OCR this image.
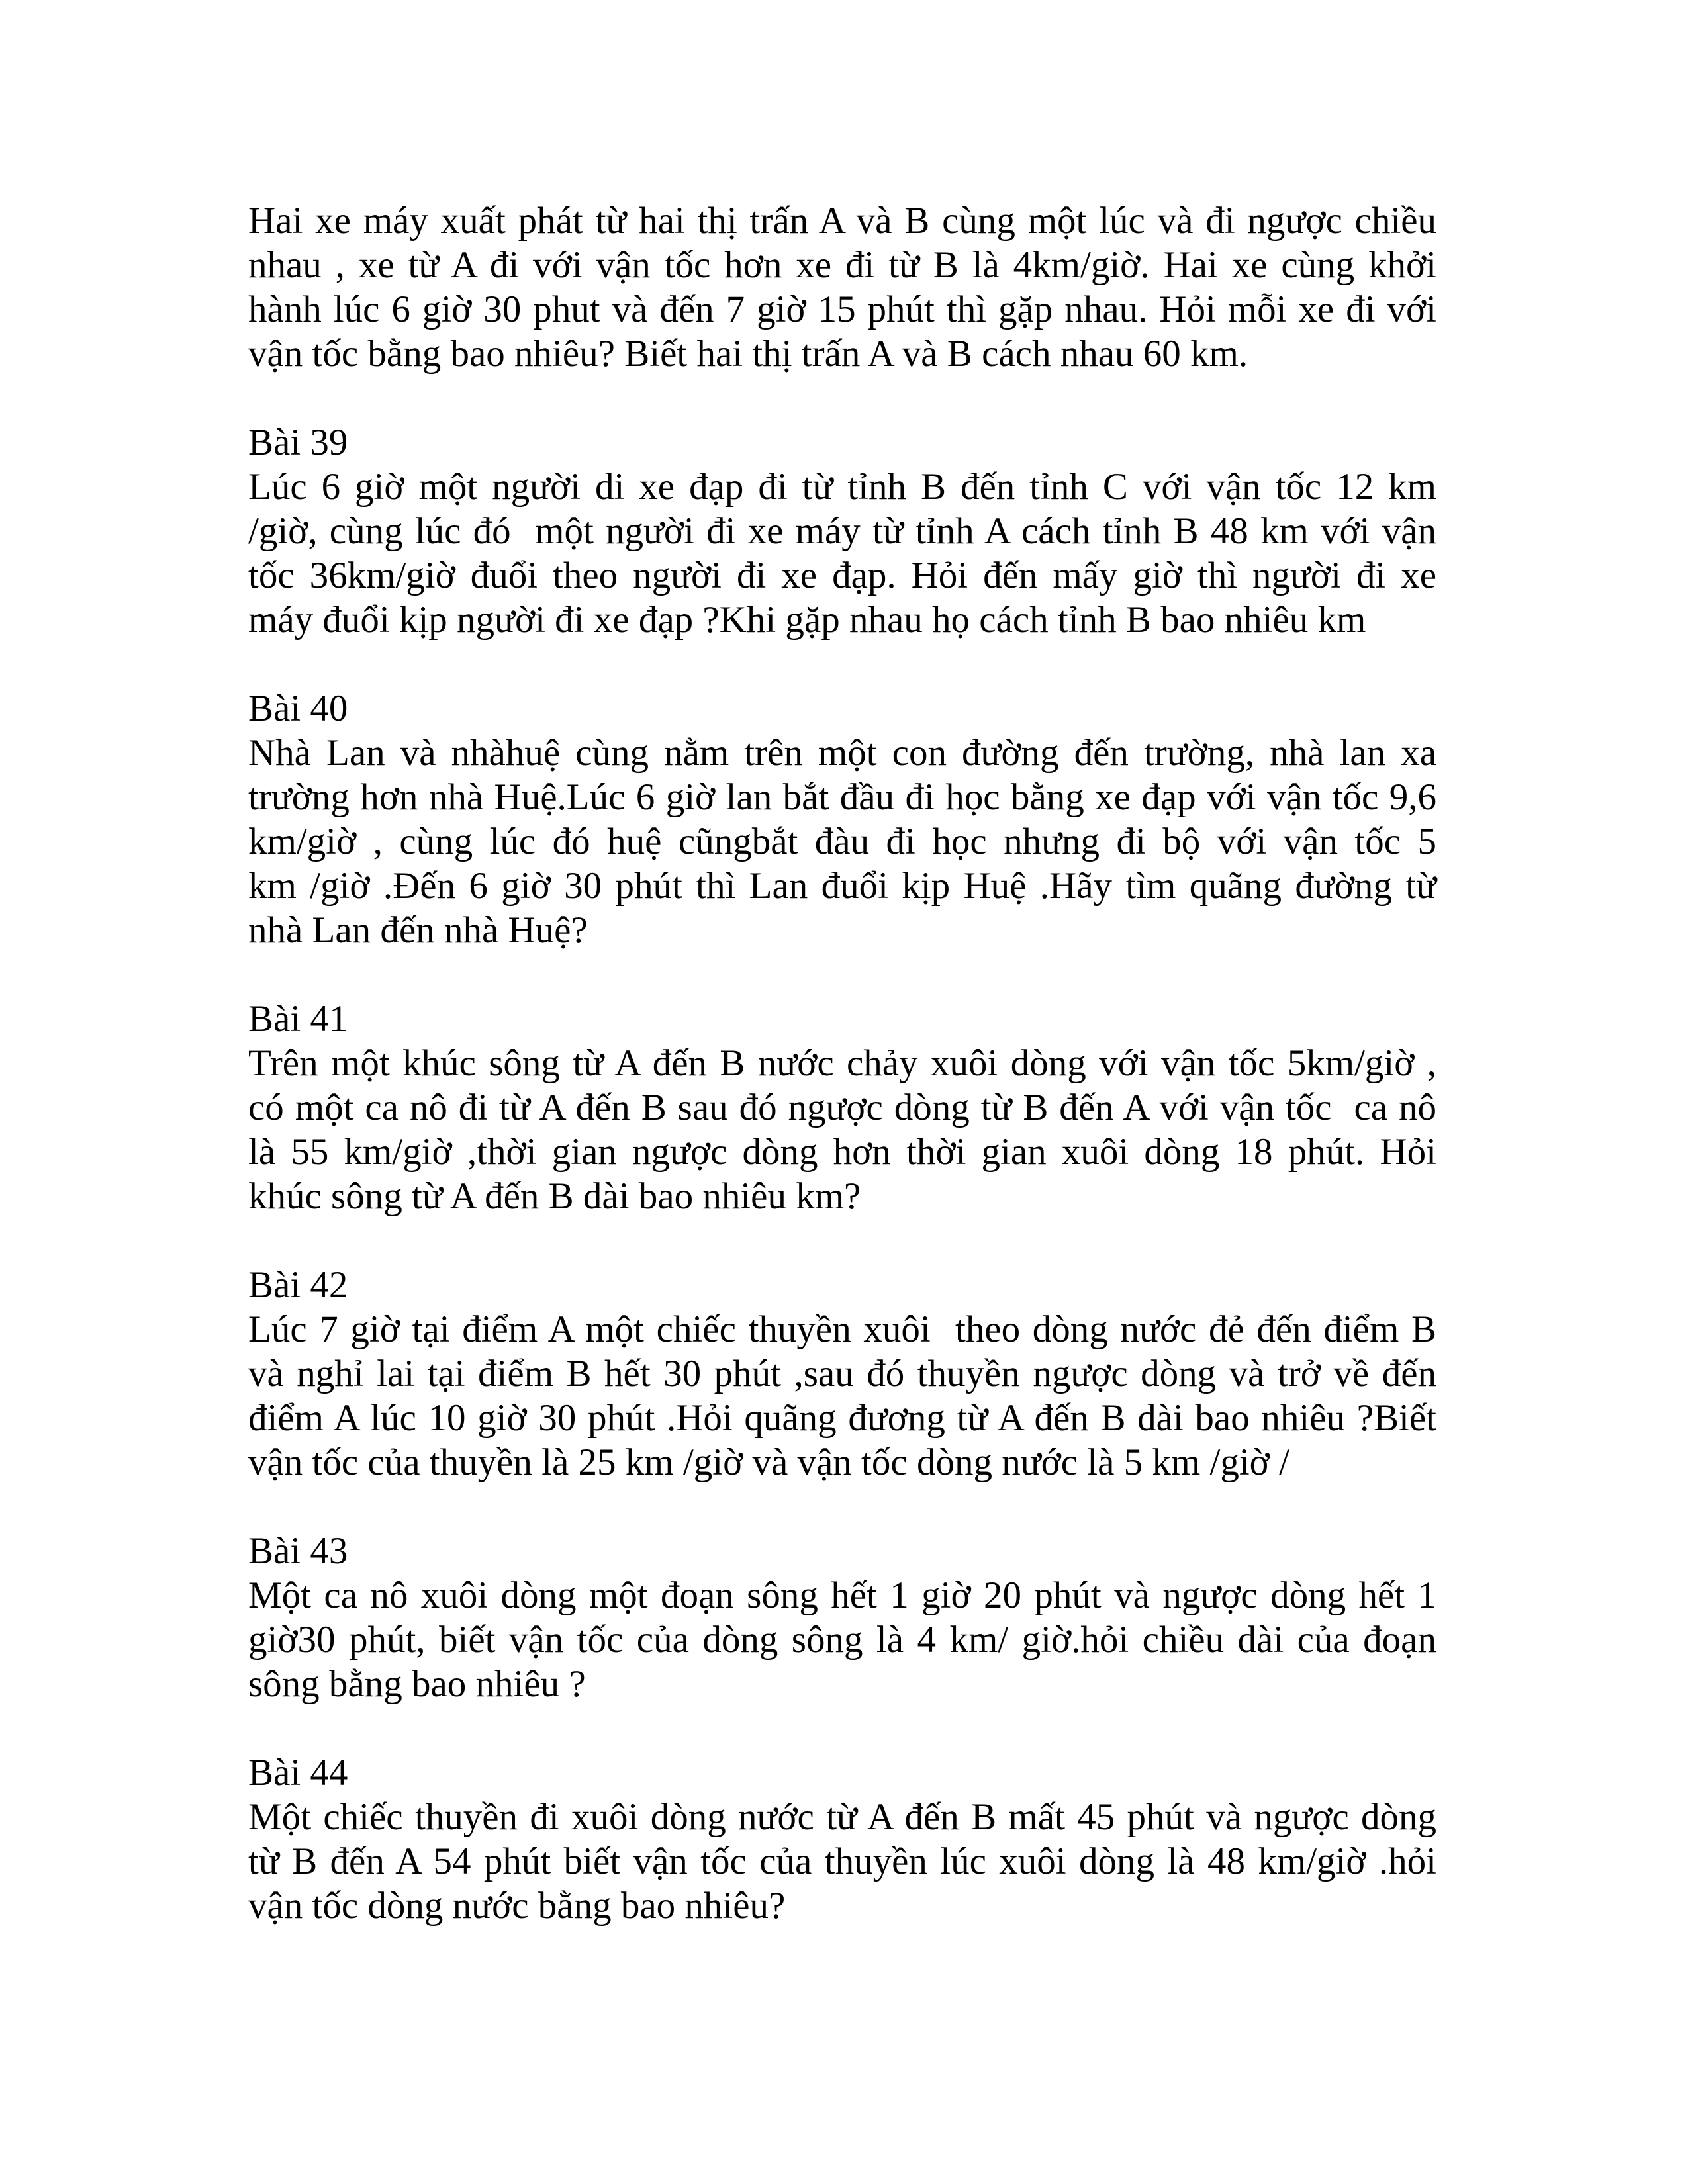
Hai xe máy xuất phát từ hai thị trấn A và B cùng một lúc và đi ngược chiều
nhau , xe từ A đi với vận tốc hơn xe đi từ B là 4km/giờ. Hai xe cùng khởi
hành lúc 6 giờ 30 phut và đến 7 giờ 15 phút thì gặp nhau. Hỏi mỗi xe đi với
vận tốc bằng bao nhiêu? Biết hai thị trấn A và B cách nhau 60 km.
Bài 39
Lúc 6 giờ một người di xe đạp đi từ tỉnh B đến tỉnh C với vận tốc 12 km
/giờ, cùng lúc đó  một người đi xe máy từ tỉnh A cách tỉnh B 48 km với vận
tốc 36km/giờ đuổi theo người đi xe đạp. Hỏi đến mấy giờ thì người đi xe
máy đuổi kịp người đi xe đạp ?Khi gặp nhau họ cách tỉnh B bao nhiêu km
Bài 40
Nhà Lan và nhàhuệ cùng nằm trên một con đường đến trường, nhà lan xa
trường hơn nhà Huệ.Lúc 6 giờ lan bắt đầu đi học bằng xe đạp với vận tốc 9,6
km/giờ , cùng lúc đó huệ cũngbắt đàu đi học nhưng đi bộ với vận tốc 5
km /giờ .Đến 6 giờ 30 phút thì Lan đuổi kịp Huệ .Hãy tìm quãng đường từ
nhà Lan đến nhà Huệ?
Bài 41
Trên một khúc sông từ A đến B nước chảy xuôi dòng với vận tốc 5km/giờ ,
có một ca nô đi từ A đến B sau đó ngược dòng từ B đến A với vận tốc  ca nô
là 55 km/giờ ,thời gian ngược dòng hơn thời gian xuôi dòng 18 phút. Hỏi
khúc sông từ A đến B dài bao nhiêu km?
Bài 42
Lúc 7 giờ tại điểm A một chiếc thuyền xuôi  theo dòng nước đẻ đến điểm B
và nghỉ lai tại điểm B hết 30 phút ,sau đó thuyền ngược dòng và trở về đến
điểm A lúc 10 giờ 30 phút .Hỏi quãng đương từ A đến B dài bao nhiêu ?Biết
vận tốc của thuyền là 25 km /giờ và vận tốc dòng nước là 5 km /giờ /
Bài 43
Một ca nô xuôi dòng một đoạn sông hết 1 giờ 20 phút và ngược dòng hết 1
giờ30 phút, biết vận tốc của dòng sông là 4 km/ giờ.hỏi chiều dài của đoạn
sông bằng bao nhiêu ?
Bài 44
Một chiếc thuyền đi xuôi dòng nước từ A đến B mất 45 phút và ngược dòng
từ B đến A 54 phút biết vận tốc của thuyền lúc xuôi dòng là 48 km/giờ .hỏi
vận tốc dòng nước bằng bao nhiêu?
